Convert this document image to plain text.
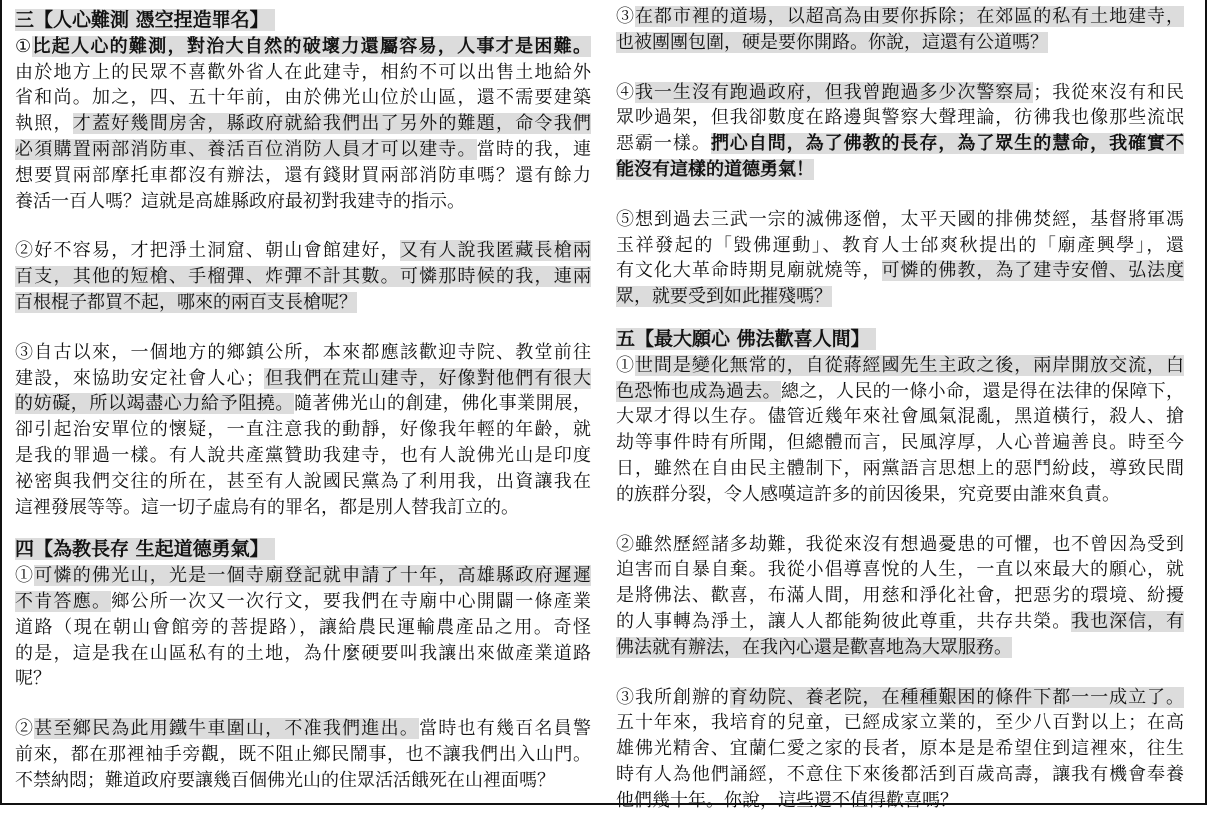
三【人心難測 憑空捏造罪名】
①比起人心的難測，對治大自然的破壞力還屬容易，人事才是困難。
由於地方上的民眾不喜歡外省人在此建寺，相約不可以出售土地給外
省和尚。加之，四、五十年前，由於佛光山位於山區，還不需要建築
執照，才蓋好幾間房舍，縣政府就給我們出了另外的難題，命令我們
必須購置兩部消防車、養活百位消防人員才可以建寺。當時的我，連
想要買兩部摩托車都沒有辦法，還有錢財買兩部消防車嗎？還有餘力
養活一百人嗎？這就是高雄縣政府最初對我建寺的指示。
②好不容易，才把淨土洞窟、朝山會館建好，又有人說我匿藏長槍兩
百支，其他的短槍、手榴彈、炸彈不計其數。可憐那時候的我，連兩
百根棍子都買不起，哪來的兩百支長槍呢？
③自古以來，一個地方的鄉鎮公所，本來都應該歡迎寺院、教堂前往
建設，來協助安定社會人心；但我們在荒山建寺，好像對他們有很大
的妨礙，所以竭盡心力給予阻撓。隨著佛光山的創建，佛化事業開展，
卻引起治安單位的懷疑，一直注意我的動靜，好像我年輕的年齡，就
是我的罪過一樣。有人說共產黨贊助我建寺，也有人說佛光山是印度
祕密與我們交往的所在，甚至有人說國民黨為了利用我，出資讓我在
這裡發展等等。這一切子虛烏有的罪名，都是別人替我訂立的。
四【為教長存 生起道德勇氣】
①可憐的佛光山，光是一個寺廟登記就申請了十年，高雄縣政府遲遲
不肯答應。鄉公所一次又一次行文，要我們在寺廟中心開闢一條產業
道路（現在朝山會館旁的菩提路），讓給農民運輸農產品之用。奇怪
的是，這是我在山區私有的土地，為什麼硬要叫我讓出來做產業道路
呢？
②甚至鄉民為此用鐵牛車圍山，不准我們進出。當時也有幾百名員警
前來，都在那裡袖手旁觀，既不阻止鄉民鬧事，也不讓我們出入山門。
不禁納悶；難道政府要讓幾百個佛光山的住眾活活餓死在山裡面嗎？
③在都市裡的道場，以超高為由要你拆除；在郊區的私有土地建寺，
也被團團包圍，硬是要你開路。你說，這還有公道嗎？
④我一生沒有跑過政府，但我曾跑過多少次警察局；我從來沒有和民
眾吵過架，但我卻數度在路邊與警察大聲理論，彷彿我也像那些流氓
惡霸一樣。捫心自問，為了佛教的長存，為了眾生的慧命，我確實不
能沒有這樣的道德勇氣！
⑤想到過去三武一宗的滅佛逐僧，太平天國的排佛焚經，基督將軍馮
玉祥發起的「毀佛運動」、教育人士邰爽秋提出的「廟產興學」，還
有文化大革命時期見廟就燒等，可憐的佛教，為了建寺安僧、弘法度
眾，就要受到如此摧殘嗎？
五【最大願心 佛法歡喜人間】
①世間是變化無常的，自從蔣經國先生主政之後，兩岸開放交流，白
色恐怖也成為過去。總之，人民的一條小命，還是得在法律的保障下，
大眾才得以生存。儘管近幾年來社會風氣混亂，黑道橫行，殺人、搶
劫等事件時有所聞，但總體而言，民風淳厚，人心普遍善良。時至今
日，雖然在自由民主體制下，兩黨語言思想上的惡鬥紛歧，導致民間
的族群分裂，令人感嘆這許多的前因後果，究竟要由誰來負責。
②雖然歷經諸多劫難，我從來沒有想過憂患的可懼，也不曾因為受到
迫害而自暴自棄。我從小倡導喜悅的人生，一直以來最大的願心，就
是將佛法、歡喜，布滿人間，用慈和淨化社會，把惡劣的環境、紛擾
的人事轉為淨土，讓人人都能夠彼此尊重，共存共榮。我也深信，有
佛法就有辦法，在我內心還是歡喜地為大眾服務。
③我所創辦的育幼院、養老院，在種種艱困的條件下都一一成立了。
五十年來，我培育的兒童，已經成家立業的，至少八百對以上；在高
雄佛光精舍、宜蘭仁愛之家的長者，原本是是希望住到這裡來，往生
時有人為他們誦經，不意住下來後都活到百歲高壽，讓我有機會奉養
他們幾十年。你說，這些還不值得歡喜嗎？
